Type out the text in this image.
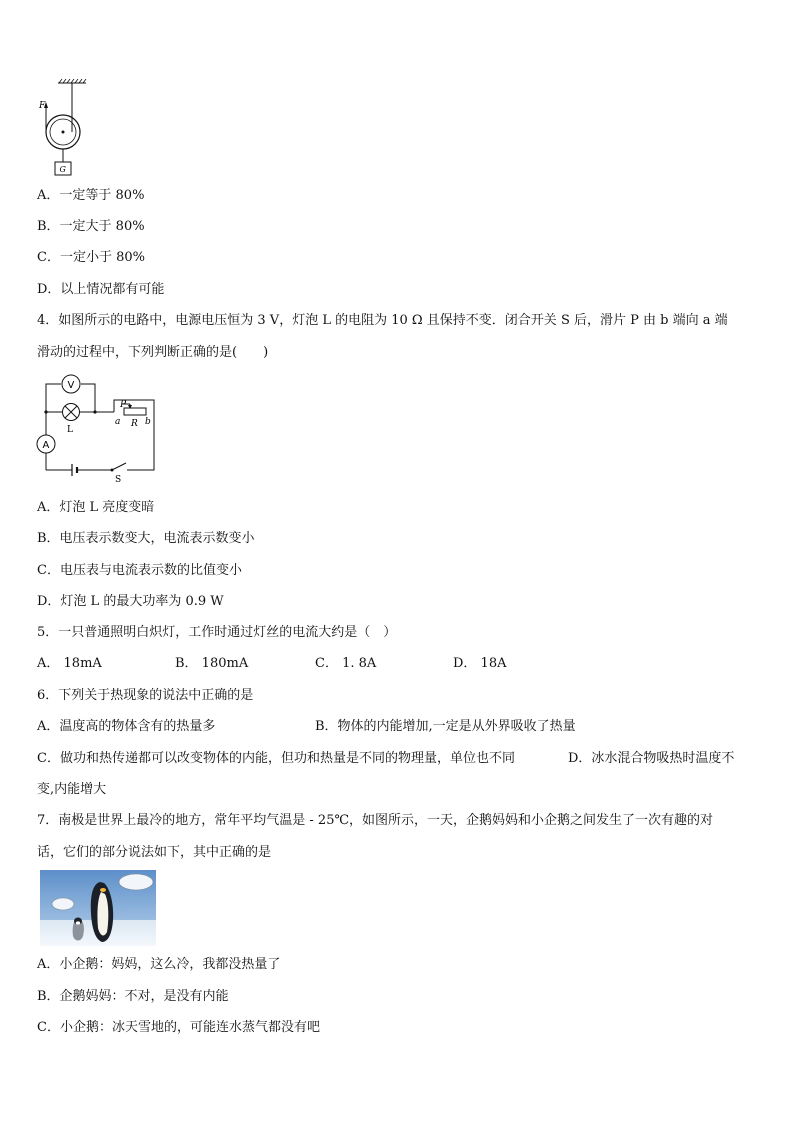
F
G
A．一定等于 80%
B．一定大于 80%
C．一定小于 80%
D．以上情况都有可能
4．如图所示的电路中，电源电压恒为 3 V，灯泡 L 的电阻为 10 Ω 且保持不变．闭合开关 S 后，滑片 P 由 b 端向 a 端
滑动的过程中，下列判断正确的是(　　)
V
L
P
a R b
A
S
A．灯泡 L 亮度变暗
B．电压表示数变大，电流表示数变小
C．电压表与电流表示数的比值变小
D．灯泡 L 的最大功率为 0.9 W
5．一只普通照明白炽灯，工作时通过灯丝的电流大约是（　）
A． 18mA	B． 180mA	C． 1. 8A	D． 18A
6．下列关于热现象的说法中正确的是
A．温度高的物体含有的热量多	B．物体的内能增加,一定是从外界吸收了热量
C．做功和热传递都可以改变物体的内能，但功和热量是不同的物理量，单位也不同	D．冰水混合物吸热时温度不
变,内能增大
7．南极是世界上最冷的地方，常年平均气温是 - 25℃，如图所示，一天，企鹅妈妈和小企鹅之间发生了一次有趣的对
话，它们的部分说法如下，其中正确的是
A．小企鹅：妈妈，这么冷，我都没热量了
B．企鹅妈妈：不对，是没有内能
C．小企鹅：冰天雪地的，可能连水蒸气都没有吧
